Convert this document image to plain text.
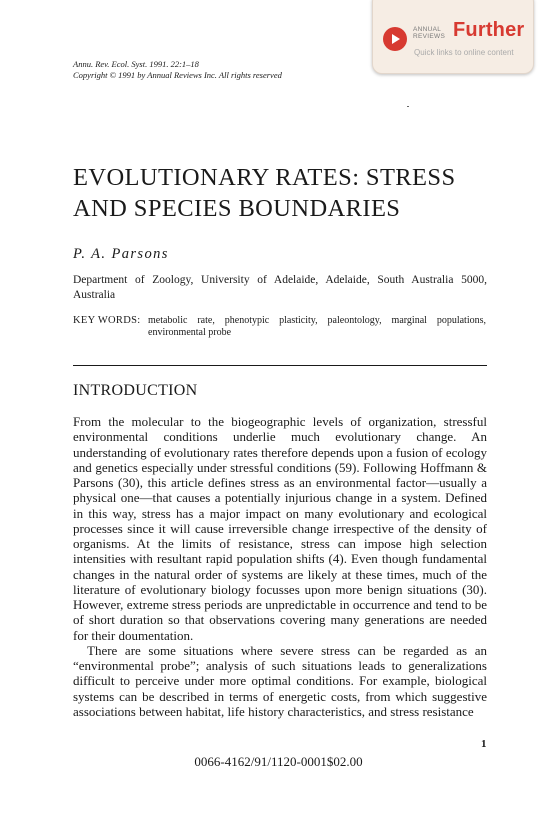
ANNUAL
REVIEWS Further
Quick links to online content
Annu. Rev. Ecol. Syst. 1991. 22:1–18
Copyright © 1991 by Annual Reviews Inc. All rights reserved
EVOLUTIONARY RATES: STRESS
AND SPECIES BOUNDARIES
P. A. Parsons
Department of Zoology, University of Adelaide, Adelaide, South Australia 5000, Australia
KEY WORDS: metabolic rate, phenotypic plasticity, paleontology, marginal populations, environmental probe
INTRODUCTION

From the molecular to the biogeographic levels of organization, stressful environmental conditions underlie much evolutionary change. An understanding of evolutionary rates therefore depends upon a fusion of ecology and genetics especially under stressful conditions (59). Following Hoffmann & Parsons (30), this article defines stress as an environmental factor—usually a physical one—that causes a potentially injurious change in a system. Defined in this way, stress has a major impact on many evolutionary and ecological processes since it will cause irreversible change irrespective of the density of organisms. At the limits of resistance, stress can impose high selection intensities with resultant rapid population shifts (4). Even though fundamental changes in the natural order of systems are likely at these times, much of the literature of evolutionary biology focusses upon more benign situations (30). However, extreme stress periods are unpredictable in occurrence and tend to be of short duration so that observations covering many generations are needed for their doumentation.

There are some situations where severe stress can be regarded as an “environmental probe”; analysis of such situations leads to generalizations difficult to perceive under more optimal conditions. For example, biological systems can be described in terms of energetic costs, from which suggestive associations between habitat, life history characteristics, and stress resistance

1
0066-4162/91/1120-0001$02.00
